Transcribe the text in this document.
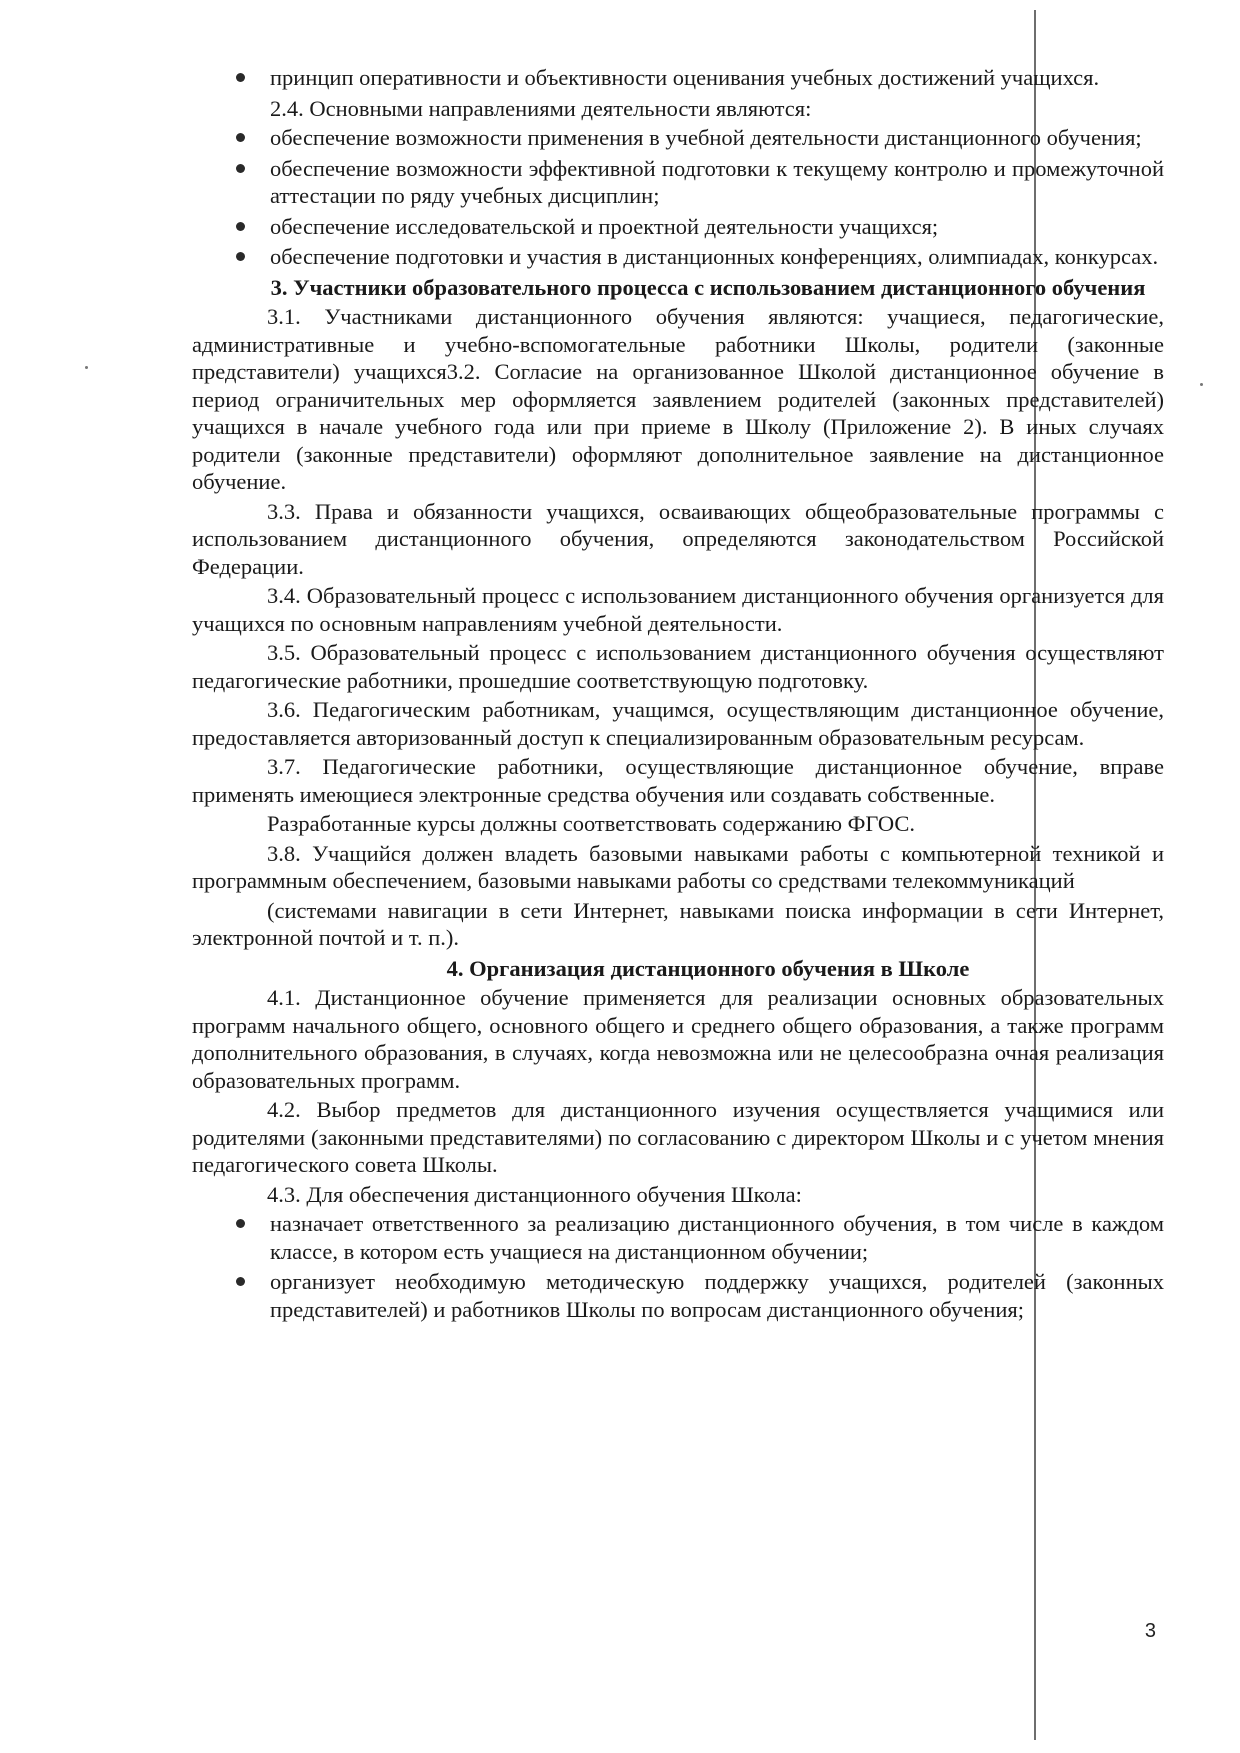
принцип оперативности и объективности оценивания учебных достижений учащихся.
2.4. Основными направлениями деятельности являются:
обеспечение возможности применения в учебной деятельности дистанционного обучения;
обеспечение возможности эффективной подготовки к текущему контролю и промежуточной аттестации по ряду учебных дисциплин;
обеспечение исследовательской и проектной деятельности учащихся;
обеспечение подготовки и участия в дистанционных конференциях, олимпиадах, конкурсах.
3. Участники образовательного процесса с использованием дистанционного обучения
3.1. Участниками дистанционного обучения являются: учащиеся, педагогические, административные и учебно-вспомогательные работники Школы, родители (законные представители) учащихся3.2. Согласие на организованное Школой дистанционное обучение в период ограничительных мер оформляется заявлением родителей (законных представителей) учащихся в начале учебного года или при приеме в Школу (Приложение 2). В иных случаях родители (законные представители) оформляют дополнительное заявление на дистанционное обучение.
3.3. Права и обязанности учащихся, осваивающих общеобразовательные программы с использованием дистанционного обучения, определяются законодательством Российской Федерации.
3.4. Образовательный процесс с использованием дистанционного обучения организуется для учащихся по основным направлениям учебной деятельности.
3.5. Образовательный процесс с использованием дистанционного обучения осуществляют педагогические работники, прошедшие соответствующую подготовку.
3.6. Педагогическим работникам, учащимся, осуществляющим дистанционное обучение, предоставляется авторизованный доступ к специализированным образовательным ресурсам.
3.7. Педагогические работники, осуществляющие дистанционное обучение, вправе применять имеющиеся электронные средства обучения или создавать собственные.
Разработанные курсы должны соответствовать содержанию ФГОС.
3.8. Учащийся должен владеть базовыми навыками работы с компьютерной техникой и программным обеспечением, базовыми навыками работы со средствами телекоммуникаций
(системами навигации в сети Интернет, навыками поиска информации в сети Интернет, электронной почтой и т. п.).
4. Организация дистанционного обучения в Школе
4.1. Дистанционное обучение применяется для реализации основных образовательных программ начального общего, основного общего и среднего общего образования, а также программ дополнительного образования, в случаях, когда невозможна или не целесообразна очная реализация образовательных программ.
4.2. Выбор предметов для дистанционного изучения осуществляется учащимися или родителями (законными представителями) по согласованию с директором Школы и с учетом мнения педагогического совета Школы.
4.3. Для обеспечения дистанционного обучения Школа:
назначает ответственного за реализацию дистанционного обучения, в том числе в каждом классе, в котором есть учащиеся на дистанционном обучении;
организует необходимую методическую поддержку учащихся, родителей (законных представителей) и работников Школы по вопросам дистанционного обучения;
3
